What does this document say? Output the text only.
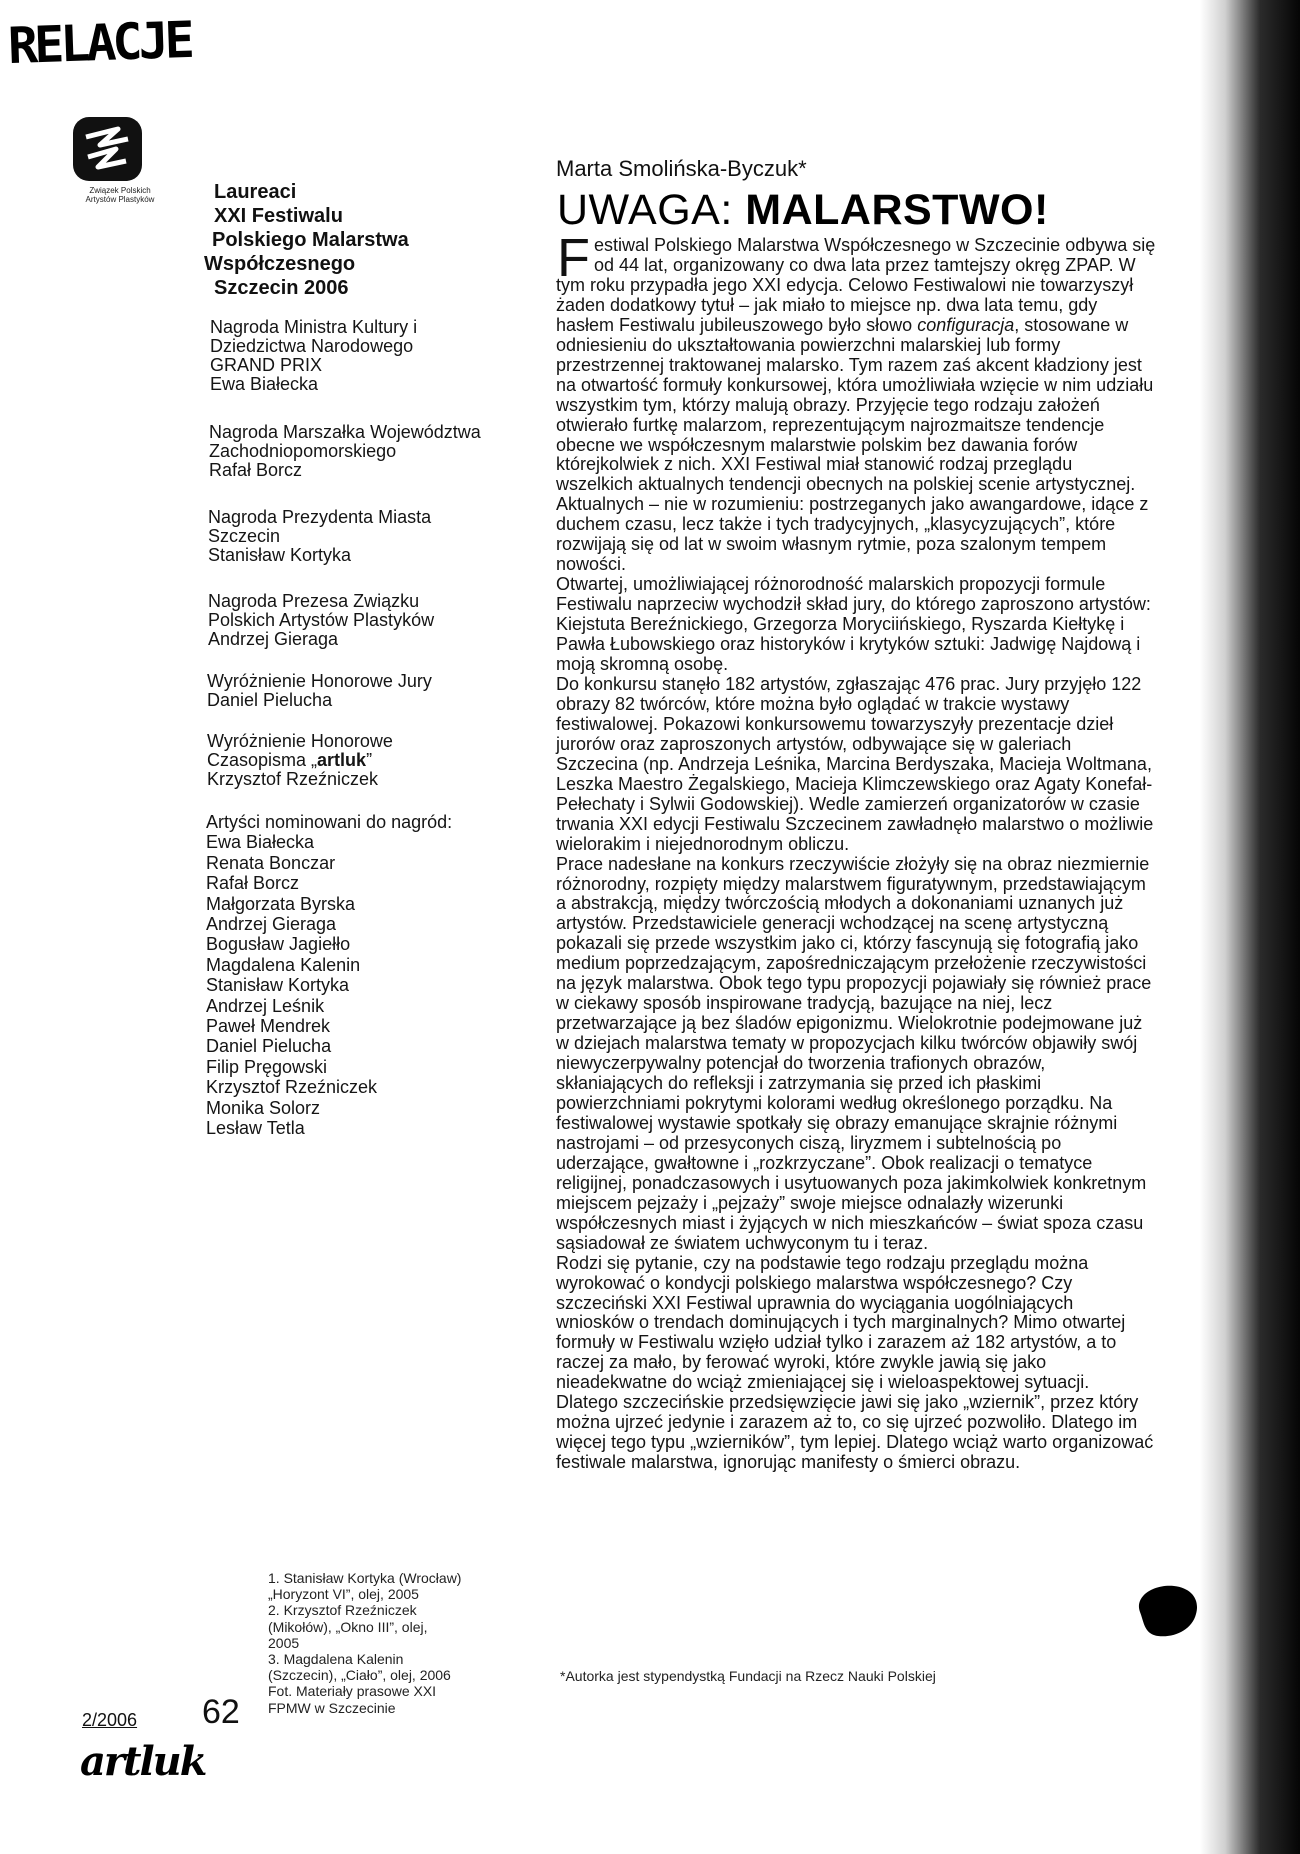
RELACJE
Związek Polskich
Artystów Plastyków	Laureaci
XXI Festiwalu
Polskiego Malarstwa
Współczesnego
Szczecin 2006
Nagroda Ministra Kultury i
Dziedzictwa Narodowego
GRAND PRIX
Ewa Białecka
Nagroda Marszałka Województwa
Zachodniopomorskiego
Rafał Borcz
Nagroda Prezydenta Miasta
Szczecin
Stanisław Kortyka
Nagroda Prezesa Związku
Polskich Artystów Plastyków
Andrzej Gieraga
Wyróżnienie Honorowe Jury
Daniel Pielucha
Wyróżnienie Honorowe
Czasopisma „artluk”
Krzysztof Rzeźniczek
Artyści nominowani do nagród:
Ewa Białecka
Renata Bonczar
Rafał Borcz
Małgorzata Byrska
Andrzej Gieraga
Bogusław Jagiełło
Magdalena Kalenin
Stanisław Kortyka
Andrzej Leśnik
Paweł Mendrek
Daniel Pielucha
Filip Pręgowski
Krzysztof Rzeźniczek
Monika Solorz
Lesław Tetla
1. Stanisław Kortyka (Wrocław)
„Horyzont VI”, olej, 2005
2. Krzysztof Rzeźniczek
(Mikołów), „Okno III”, olej,
2005
3. Magdalena Kalenin
(Szczecin), „Ciało”, olej, 2006
Fot. Materiały prasowe XXI
FPMW w Szczecinie
2/2006 62
artluk
Marta Smolińska-Byczuk*
UWAGA: MALARSTWO!
F estiwal Polskiego Malarstwa Współczesnego w Szczecinie odbywa się
od 44 lat, organizowany co dwa lata przez tamtejszy okręg ZPAP. W
tym roku przypadła jego XXI edycja. Celowo Festiwalowi nie towarzyszył
żaden dodatkowy tytuł – jak miało to miejsce np. dwa lata temu, gdy
hasłem Festiwalu jubileuszowego było słowo configuracja, stosowane w
odniesieniu do ukształtowania powierzchni malarskiej lub formy
przestrzennej traktowanej malarsko. Tym razem zaś akcent kładziony jest
na otwartość formuły konkursowej, która umożliwiała wzięcie w nim udziału
wszystkim tym, którzy malują obrazy. Przyjęcie tego rodzaju założeń
otwierało furtkę malarzom, reprezentującym najrozmaitsze tendencje
obecne we współczesnym malarstwie polskim bez dawania forów
którejkolwiek z nich. XXI Festiwal miał stanowić rodzaj przeglądu
wszelkich aktualnych tendencji obecnych na polskiej scenie artystycznej.
Aktualnych – nie w rozumieniu: postrzeganych jako awangardowe, idące z
duchem czasu, lecz także i tych tradycyjnych, „klasycyzujących”, które
rozwijają się od lat w swoim własnym rytmie, poza szalonym tempem
nowości.
Otwartej, umożliwiającej różnorodność malarskich propozycji formule
Festiwalu naprzeciw wychodził skład jury, do którego zaproszono artystów:
Kiejstuta Bereźnickiego, Grzegorza Moryciińskiego, Ryszarda Kiełtykę i
Pawła Łubowskiego oraz historyków i krytyków sztuki: Jadwigę Najdową i
moją skromną osobę.
Do konkursu stanęło 182 artystów, zgłaszając 476 prac. Jury przyjęło 122
obrazy 82 twórców, które można było oglądać w trakcie wystawy
festiwalowej. Pokazowi konkursowemu towarzyszyły prezentacje dzieł
jurorów oraz zaproszonych artystów, odbywające się w galeriach
Szczecina (np. Andrzeja Leśnika, Marcina Berdyszaka, Macieja Woltmana,
Leszka Maestro Żegalskiego, Macieja Klimczewskiego oraz Agaty Konefał-
Pełechaty i Sylwii Godowskiej). Wedle zamierzeń organizatorów w czasie
trwania XXI edycji Festiwalu Szczecinem zawładnęło malarstwo o możliwie
wielorakim i niejednorodnym obliczu.
Prace nadesłane na konkurs rzeczywiście złożyły się na obraz niezmiernie
różnorodny, rozpięty między malarstwem figuratywnym, przedstawiającym
a abstrakcją, między twórczością młodych a dokonaniami uznanych już
artystów. Przedstawiciele generacji wchodzącej na scenę artystyczną
pokazali się przede wszystkim jako ci, którzy fascynują się fotografią jako
medium poprzedzającym, zapośredniczającym przełożenie rzeczywistości
na język malarstwa. Obok tego typu propozycji pojawiały się również prace
w ciekawy sposób inspirowane tradycją, bazujące na niej, lecz
przetwarzające ją bez śladów epigonizmu. Wielokrotnie podejmowane już
w dziejach malarstwa tematy w propozycjach kilku twórców objawiły swój
niewyczerpywalny potencjał do tworzenia trafionych obrazów,
skłaniających do refleksji i zatrzymania się przed ich płaskimi
powierzchniami pokrytymi kolorami według określonego porządku. Na
festiwalowej wystawie spotkały się obrazy emanujące skrajnie różnymi
nastrojami – od przesyconych ciszą, liryzmem i subtelnością po
uderzające, gwałtowne i „rozkrzyczane”. Obok realizacji o tematyce
religijnej, ponadczasowych i usytuowanych poza jakimkolwiek konkretnym
miejscem pejzaży i „pejzaży” swoje miejsce odnalazły wizerunki
współczesnych miast i żyjących w nich mieszkańców – świat spoza czasu
sąsiadował ze światem uchwyconym tu i teraz.
Rodzi się pytanie, czy na podstawie tego rodzaju przeglądu można
wyrokować o kondycji polskiego malarstwa współczesnego? Czy
szczeciński XXI Festiwal uprawnia do wyciągania uogólniających
wniosków o trendach dominujących i tych marginalnych? Mimo otwartej
formuły w Festiwalu wzięło udział tylko i zarazem aż 182 artystów, a to
raczej za mało, by ferować wyroki, które zwykle jawią się jako
nieadekwatne do wciąż zmieniającej się i wieloaspektowej sytuacji.
Dlatego szczecińskie przedsięwzięcie jawi się jako „wziernik”, przez który
można ujrzeć jedynie i zarazem aż to, co się ujrzeć pozwoliło. Dlatego im
więcej tego typu „wzierników”, tym lepiej. Dlatego wciąż warto organizować
festiwale malarstwa, ignorując manifesty o śmierci obrazu.
*Autorka jest stypendystką Fundacji na Rzecz Nauki Polskiej
